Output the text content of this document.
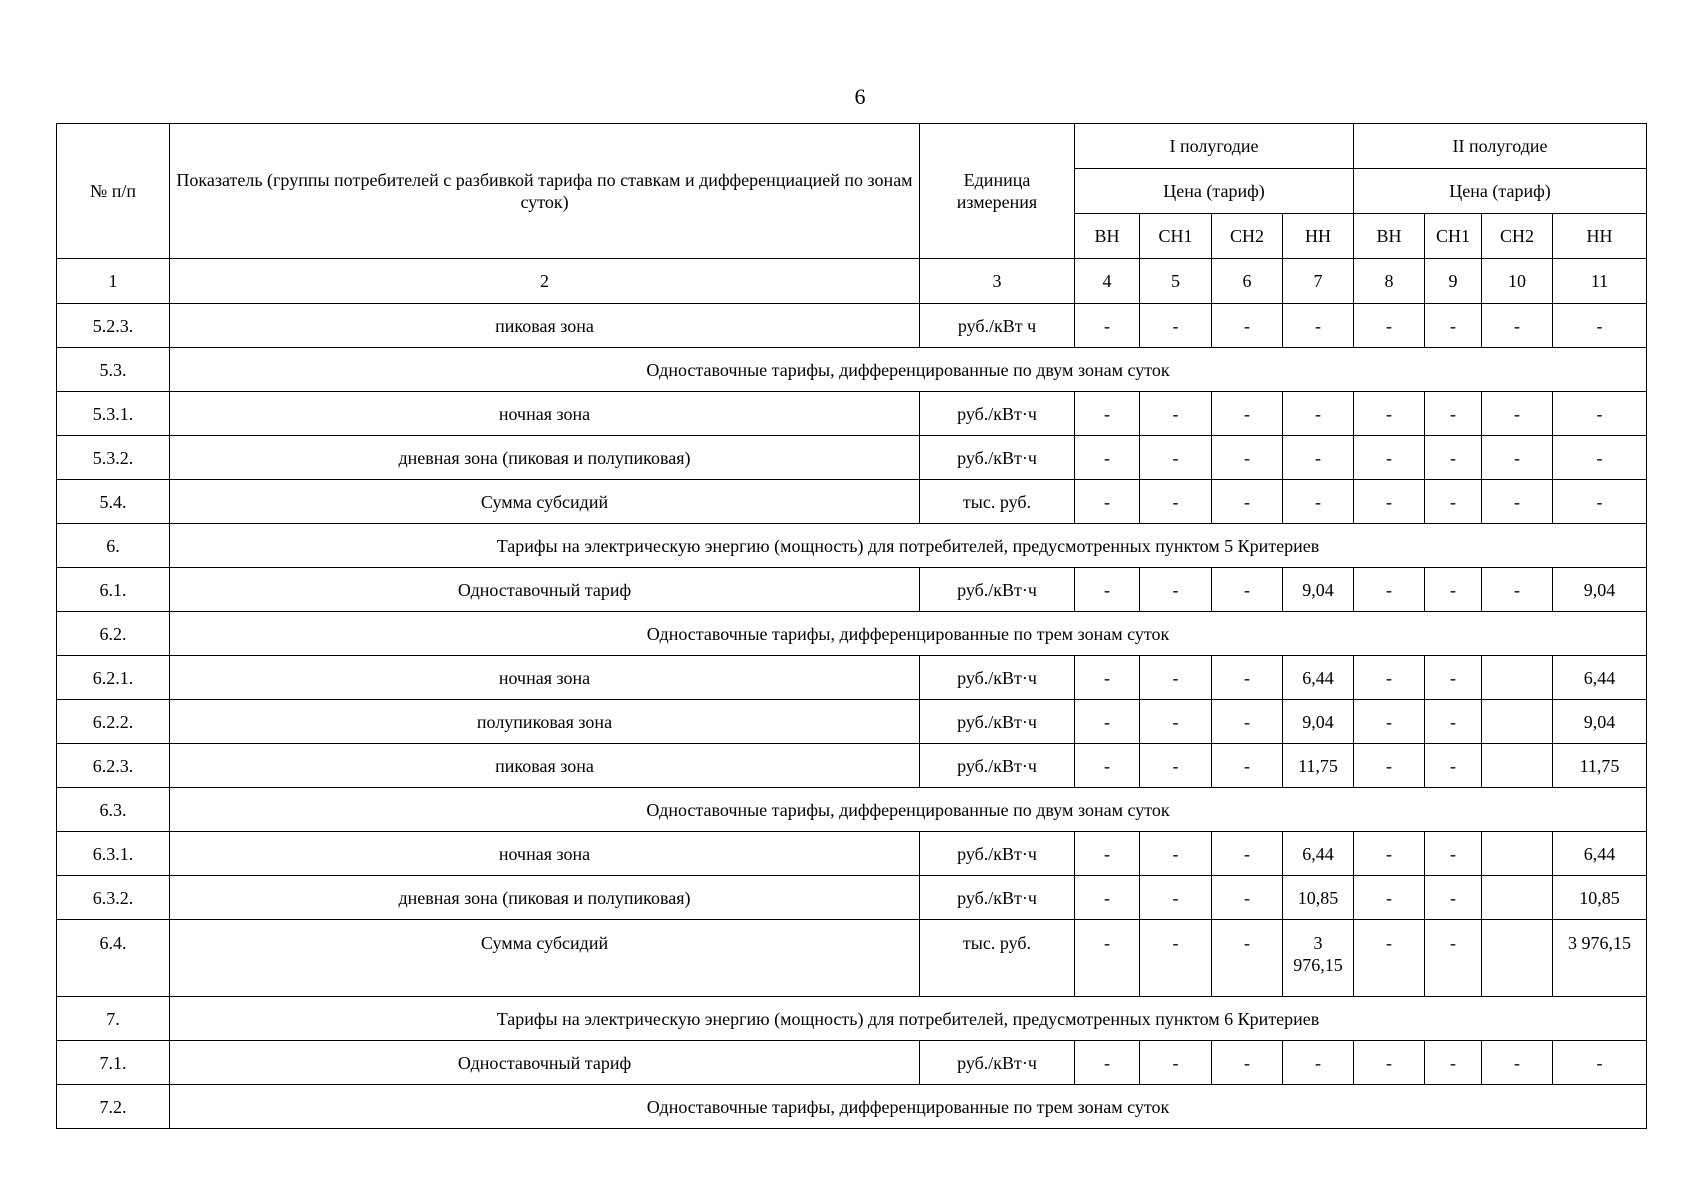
6
№ п/п	Показатель (группы потребителей с разбивкой тарифа по ставкам и дифференциацией по зонам суток)	Единица измерения	I полугодие				II полугодие			
			Цена (тариф)				Цена (тариф)			
			ВН	СН1	СН2	НН	ВН	СН1	СН2	НН
1	2	3	4	5	6	7	8	9	10	11
5.2.3.	пиковая зона	руб./кВт ч	-	-	-	-	-	-	-	-
5.3.	Одноставочные тарифы, дифференцированные по двум зонам суток									
5.3.1.	ночная зона	руб./кВт·ч	-	-	-	-	-	-	-	-
5.3.2.	дневная зона (пиковая и полупиковая)	руб./кВт·ч	-	-	-	-	-	-	-	-
5.4.	Сумма субсидий	тыс. руб.	-	-	-	-	-	-	-	-
6.	Тарифы на электрическую энергию (мощность) для потребителей, предусмотренных пунктом 5 Критериев									
6.1.	Одноставочный тариф	руб./кВт·ч	-	-	-	9,04	-	-	-	9,04
6.2.	Одноставочные тарифы, дифференцированные по трем зонам суток									
6.2.1.	ночная зона	руб./кВт·ч	-	-	-	6,44	-	-		6,44
6.2.2.	полупиковая зона	руб./кВт·ч	-	-	-	9,04	-	-		9,04
6.2.3.	пиковая зона	руб./кВт·ч	-	-	-	11,75	-	-		11,75
6.3.	Одноставочные тарифы, дифференцированные по двум зонам суток									
6.3.1.	ночная зона	руб./кВт·ч	-	-	-	6,44	-	-		6,44
6.3.2.	дневная зона (пиковая и полупиковая)	руб./кВт·ч	-	-	-	10,85	-	-		10,85
6.4.	Сумма субсидий	тыс. руб.	-	-	-	3 976,15	-	-		3 976,15
7.	Тарифы на электрическую энергию (мощность) для потребителей, предусмотренных пунктом 6 Критериев									
7.1.	Одноставочный тариф	руб./кВт·ч	-	-	-	-	-	-	-	-
7.2.	Одноставочные тарифы, дифференцированные по трем зонам суток									
